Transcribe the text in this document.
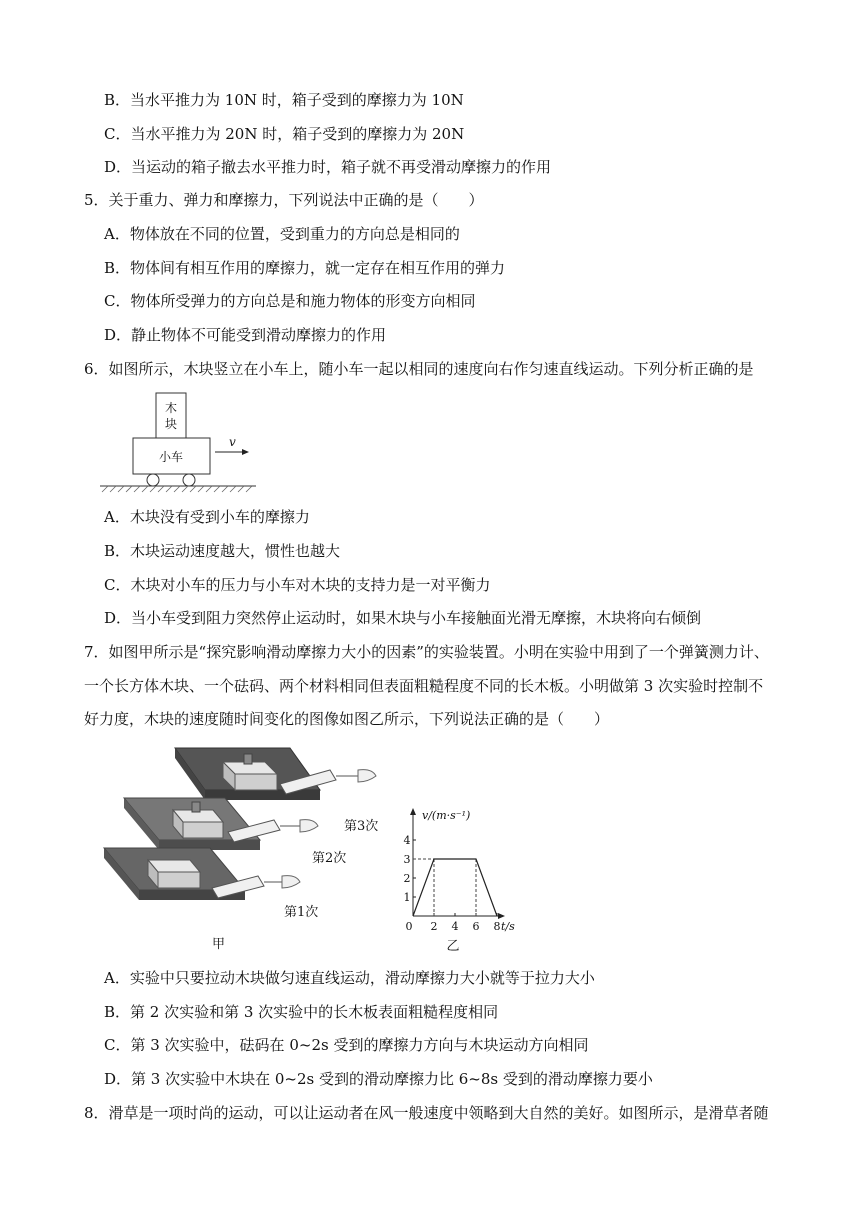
B．当水平推力为 10N 时，箱子受到的摩擦力为 10N
C．当水平推力为 20N 时，箱子受到的摩擦力为 20N
D．当运动的箱子撤去水平推力时，箱子就不再受滑动摩擦力的作用
5．关于重力、弹力和摩擦力，下列说法中正确的是（　　）
A．物体放在不同的位置，受到重力的方向总是相同的
B．物体间有相互作用的摩擦力，就一定存在相互作用的弹力
C．物体所受弹力的方向总是和施力物体的形变方向相同
D．静止物体不可能受到滑动摩擦力的作用
6．如图所示，木块竖立在小车上，随小车一起以相同的速度向右作匀速直线运动。下列分析正确的是
木
块
小车
v
A．木块没有受到小车的摩擦力
B．木块运动速度越大，惯性也越大
C．木块对小车的压力与小车对木块的支持力是一对平衡力
D．当小车受到阻力突然停止运动时，如果木块与小车接触面光滑无摩擦，木块将向右倾倒
7．如图甲所示是“探究影响滑动摩擦力大小的因素”的实验装置。小明在实验中用到了一个弹簧测力计、
一个长方体木块、一个砝码、两个材料相同但表面粗糙程度不同的长木板。小明做第 3 次实验时控制不
好力度，木块的速度随时间变化的图像如图乙所示，下列说法正确的是（　　）
第3次
第2次
第1次
甲
v/(m·s⁻¹)
t/s
0
1
2
3
4
2 4 6 8
乙
A．实验中只要拉动木块做匀速直线运动，滑动摩擦力大小就等于拉力大小
B．第 2 次实验和第 3 次实验中的长木板表面粗糙程度相同
C．第 3 次实验中，砝码在 0~2s 受到的摩擦力方向与木块运动方向相同
D．第 3 次实验中木块在 0~2s 受到的滑动摩擦力比 6~8s 受到的滑动摩擦力要小
8．滑草是一项时尚的运动，可以让运动者在风一般速度中领略到大自然的美好。如图所示，是滑草者随
